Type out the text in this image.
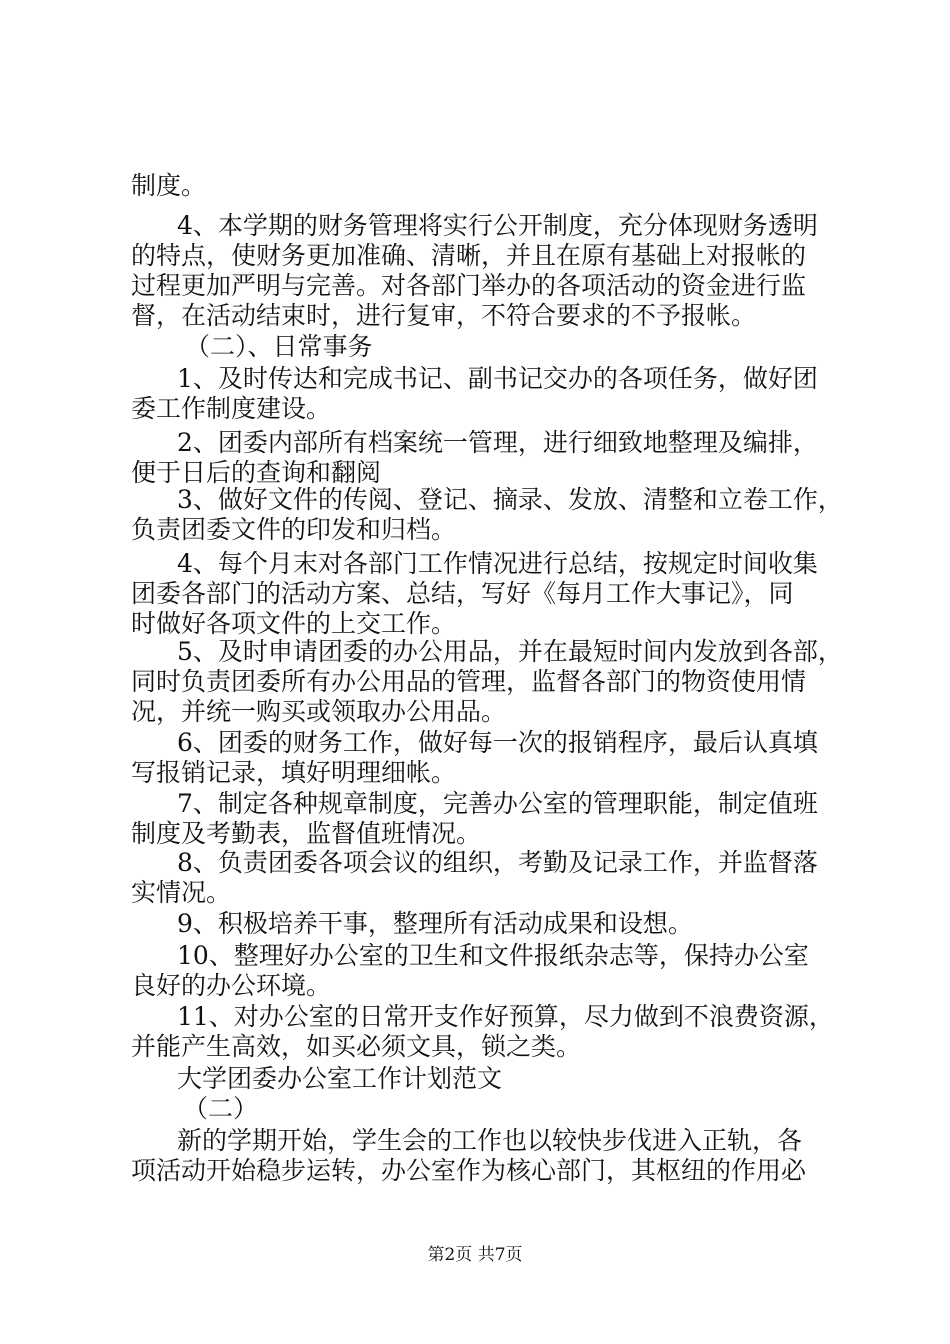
制度。
4、本学期的财务管理将实行公开制度，充分体现财务透明
的特点，使财务更加准确、清晰，并且在原有基础上对报帐的
过程更加严明与完善。对各部门举办的各项活动的资金进行监
督，在活动结束时，进行复审，不符合要求的不予报帐。
（二）、日常事务
1、及时传达和完成书记、副书记交办的各项任务，做好团
委工作制度建设。
2、团委内部所有档案统一管理，进行细致地整理及编排，
便于日后的查询和翻阅
3、做好文件的传阅、登记、摘录、发放、清整和立卷工作，
负责团委文件的印发和归档。
4、每个月末对各部门工作情况进行总结，按规定时间收集
团委各部门的活动方案、总结，写好《每月工作大事记》，同
时做好各项文件的上交工作。
5、及时申请团委的办公用品，并在最短时间内发放到各部，
同时负责团委所有办公用品的管理，监督各部门的物资使用情
况，并统一购买或领取办公用品。
6、团委的财务工作，做好每一次的报销程序，最后认真填
写报销记录，填好明理细帐。
7、制定各种规章制度，完善办公室的管理职能，制定值班
制度及考勤表，监督值班情况。
8、负责团委各项会议的组织，考勤及记录工作，并监督落
实情况。
9、积极培养干事，整理所有活动成果和设想。
10、整理好办公室的卫生和文件报纸杂志等，保持办公室
良好的办公环境。
11、对办公室的日常开支作好预算，尽力做到不浪费资源，
并能产生高效，如买必须文具，锁之类。
大学团委办公室工作计划范文
（二）
新的学期开始，学生会的工作也以较快步伐进入正轨，各
项活动开始稳步运转，办公室作为核心部门，其枢纽的作用必
第2页 共7页
